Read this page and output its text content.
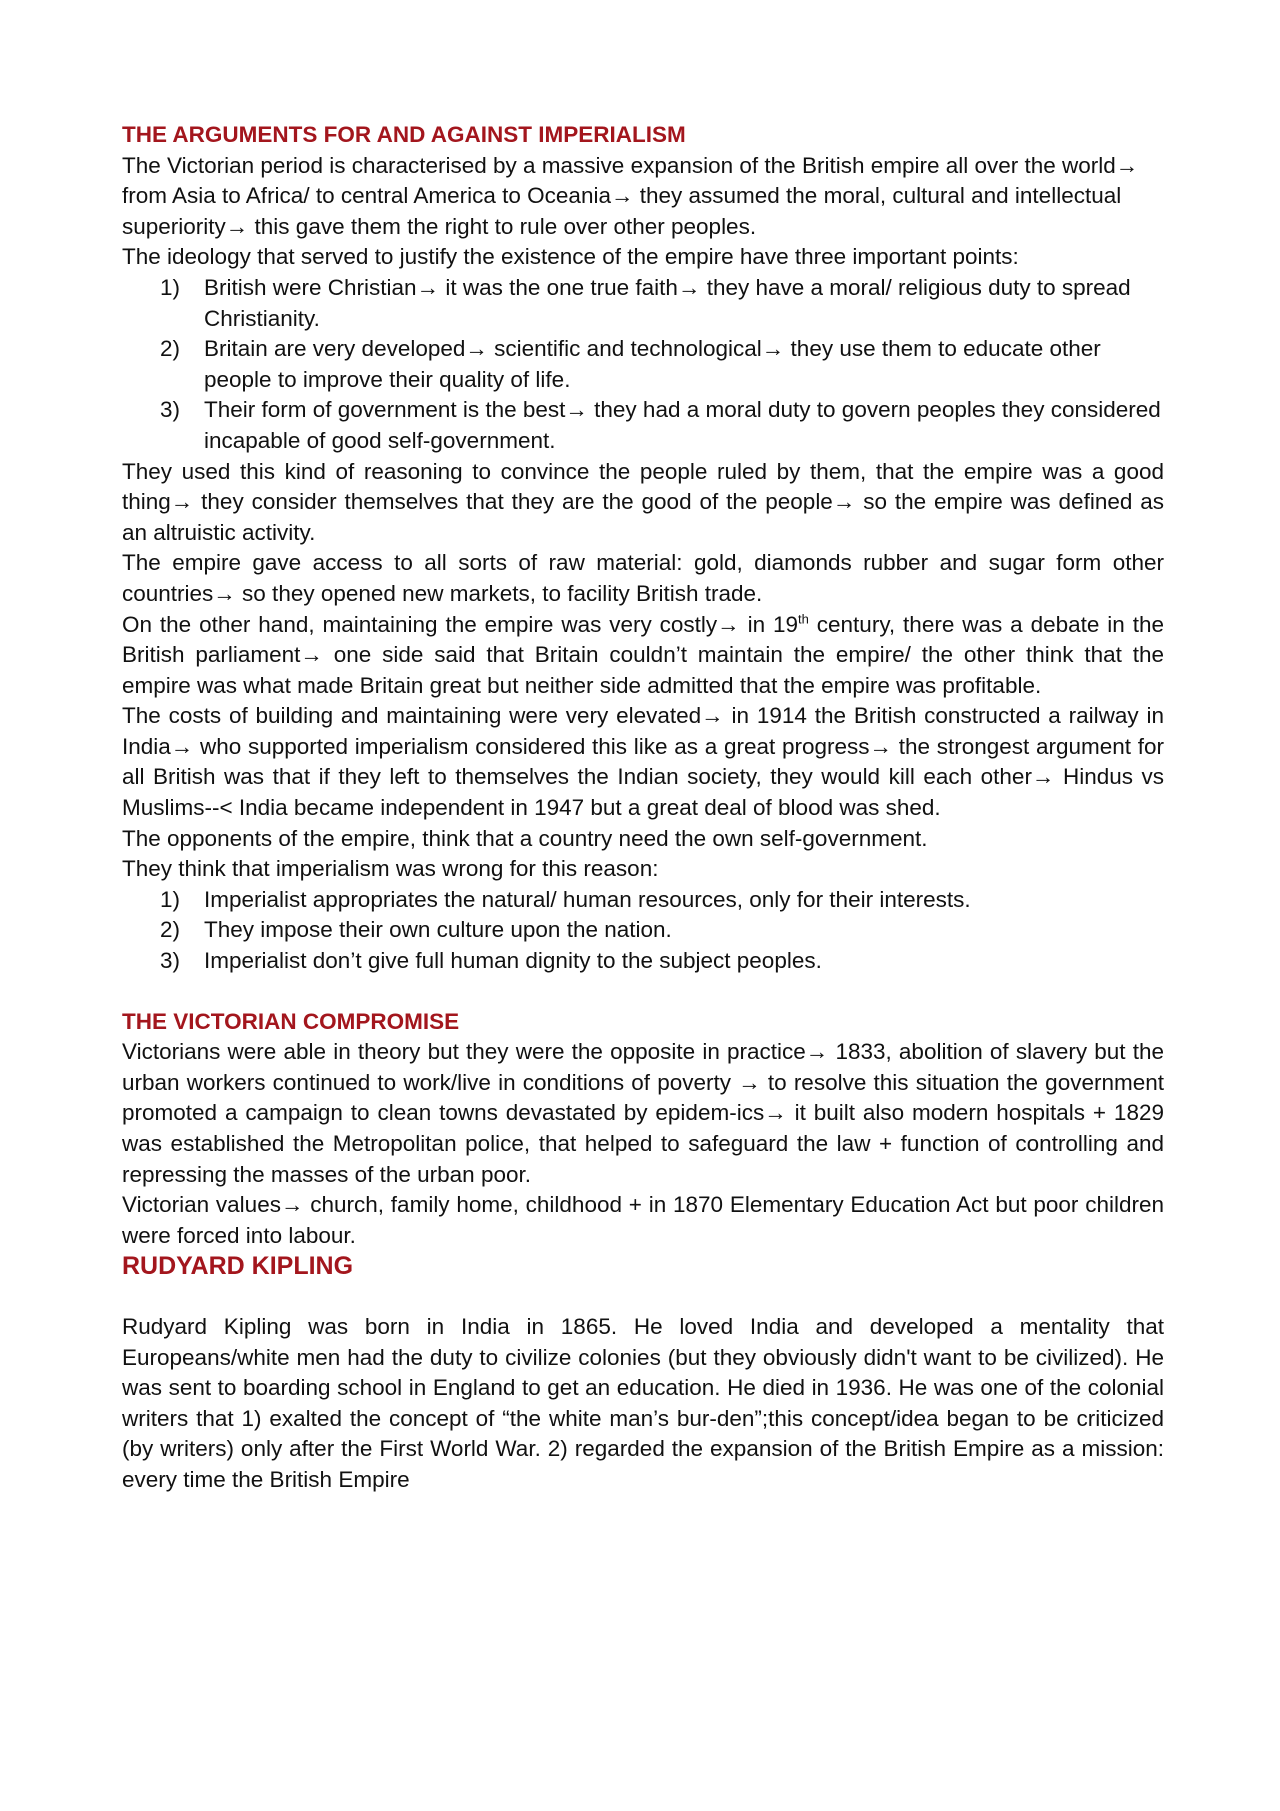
THE ARGUMENTS FOR AND AGAINST IMPERIALISM

The Victorian period is characterised by a massive expansion of the British empire all over the world→ from Asia to Africa/ to central America to Oceania→ they assumed the moral, cultural and intellectual superiority→ this gave them the right to rule over other peoples.

The ideology that served to justify the existence of the empire have three important points:

1) British were Christian→ it was the one true faith→ they have a moral/ religious duty to spread Christianity.
2) Britain are very developed→ scientific and technological→ they use them to educate other people to improve their quality of life.
3) Their form of government is the best→ they had a moral duty to govern peoples they considered incapable of good self-government.

They used this kind of reasoning to convince the people ruled by them, that the empire was a good thing→ they consider themselves that they are the good of the people→ so the empire was defined as an altruistic activity.

The empire gave access to all sorts of raw material: gold, diamonds rubber and sugar form other countries→ so they opened new markets, to facility British trade.

On the other hand, maintaining the empire was very costly→ in 19th century, there was a debate in the British parliament→ one side said that Britain couldn’t maintain the empire/ the other think that the empire was what made Britain great but neither side admitted that the empire was profitable.

The costs of building and maintaining were very elevated→ in 1914 the British constructed a railway in India→ who supported imperialism considered this like as a great progress→ the strongest argument for all British was that if they left to themselves the Indian society, they would kill each other→ Hindus vs Muslims--< India became independent in 1947 but a great deal of blood was shed.

The opponents of the empire, think that a country need the own self-government.

They think that imperialism was wrong for this reason:

1) Imperialist appropriates the natural/ human resources, only for their interests.
2) They impose their own culture upon the nation.
3) Imperialist don’t give full human dignity to the subject peoples.
THE VICTORIAN COMPROMISE

Victorians were able in theory but they were the opposite in practice→ 1833, abolition of slavery but the urban workers continued to work/live in conditions of poverty → to resolve this situation the government promoted a campaign to clean towns devastated by epidem-ics→ it built also modern hospitals + 1829 was established the Metropolitan police, that helped to safeguard the law + function of controlling and repressing the masses of the urban poor.

Victorian values→ church, family home, childhood + in 1870 Elementary Education Act but poor children were forced into labour.

RUDYARD KIPLING

Rudyard Kipling was born in India in 1865. He loved India and developed a mentality that Europeans/white men had the duty to civilize colonies (but they obviously didn't want to be civilized). He was sent to boarding school in England to get an education. He died in 1936. He was one of the colonial writers that 1) exalted the concept of “the white man’s bur-den”;this concept/idea began to be criticized (by writers) only after the First World War. 2) regarded the expansion of the British Empire as a mission: every time the British Empire
